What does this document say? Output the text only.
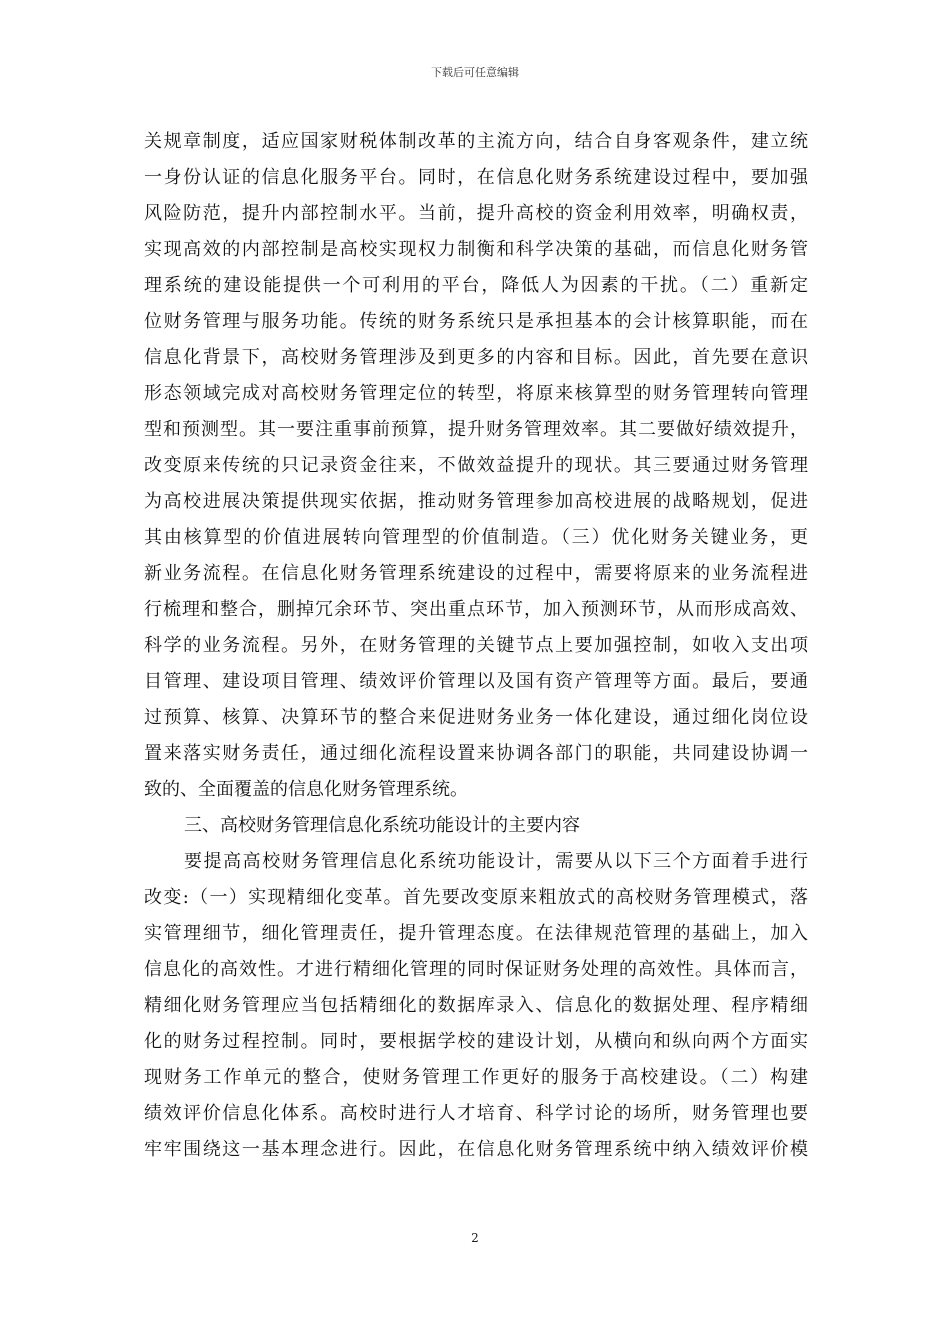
下载后可任意编辑
关规章制度，适应国家财税体制改革的主流方向，结合自身客观条件，建立统
一身份认证的信息化服务平台。同时，在信息化财务系统建设过程中，要加强
风险防范，提升内部控制水平。当前，提升高校的资金利用效率，明确权责，
实现高效的内部控制是高校实现权力制衡和科学决策的基础，而信息化财务管
理系统的建设能提供一个可利用的平台，降低人为因素的干扰。（二）重新定
位财务管理与服务功能。传统的财务系统只是承担基本的会计核算职能，而在
信息化背景下，高校财务管理涉及到更多的内容和目标。因此，首先要在意识
形态领域完成对高校财务管理定位的转型，将原来核算型的财务管理转向管理
型和预测型。其一要注重事前预算，提升财务管理效率。其二要做好绩效提升，
改变原来传统的只记录资金往来，不做效益提升的现状。其三要通过财务管理
为高校进展决策提供现实依据，推动财务管理参加高校进展的战略规划，促进
其由核算型的价值进展转向管理型的价值制造。（三）优化财务关键业务，更
新业务流程。在信息化财务管理系统建设的过程中，需要将原来的业务流程进
行梳理和整合，删掉冗余环节、突出重点环节，加入预测环节，从而形成高效、
科学的业务流程。另外，在财务管理的关键节点上要加强控制，如收入支出项
目管理、建设项目管理、绩效评价管理以及国有资产管理等方面。最后，要通
过预算、核算、决算环节的整合来促进财务业务一体化建设，通过细化岗位设
置来落实财务责任，通过细化流程设置来协调各部门的职能，共同建设协调一
致的、全面覆盖的信息化财务管理系统。
三、高校财务管理信息化系统功能设计的主要内容
要提高高校财务管理信息化系统功能设计，需要从以下三个方面着手进行
改变:（一）实现精细化变革。首先要改变原来粗放式的高校财务管理模式，落
实管理细节，细化管理责任，提升管理态度。在法律规范管理的基础上，加入
信息化的高效性。才进行精细化管理的同时保证财务处理的高效性。具体而言，
精细化财务管理应当包括精细化的数据库录入、信息化的数据处理、程序精细
化的财务过程控制。同时，要根据学校的建设计划，从横向和纵向两个方面实
现财务工作单元的整合，使财务管理工作更好的服务于高校建设。（二）构建
绩效评价信息化体系。高校时进行人才培育、科学讨论的场所，财务管理也要
牢牢围绕这一基本理念进行。因此，在信息化财务管理系统中纳入绩效评价模
2
